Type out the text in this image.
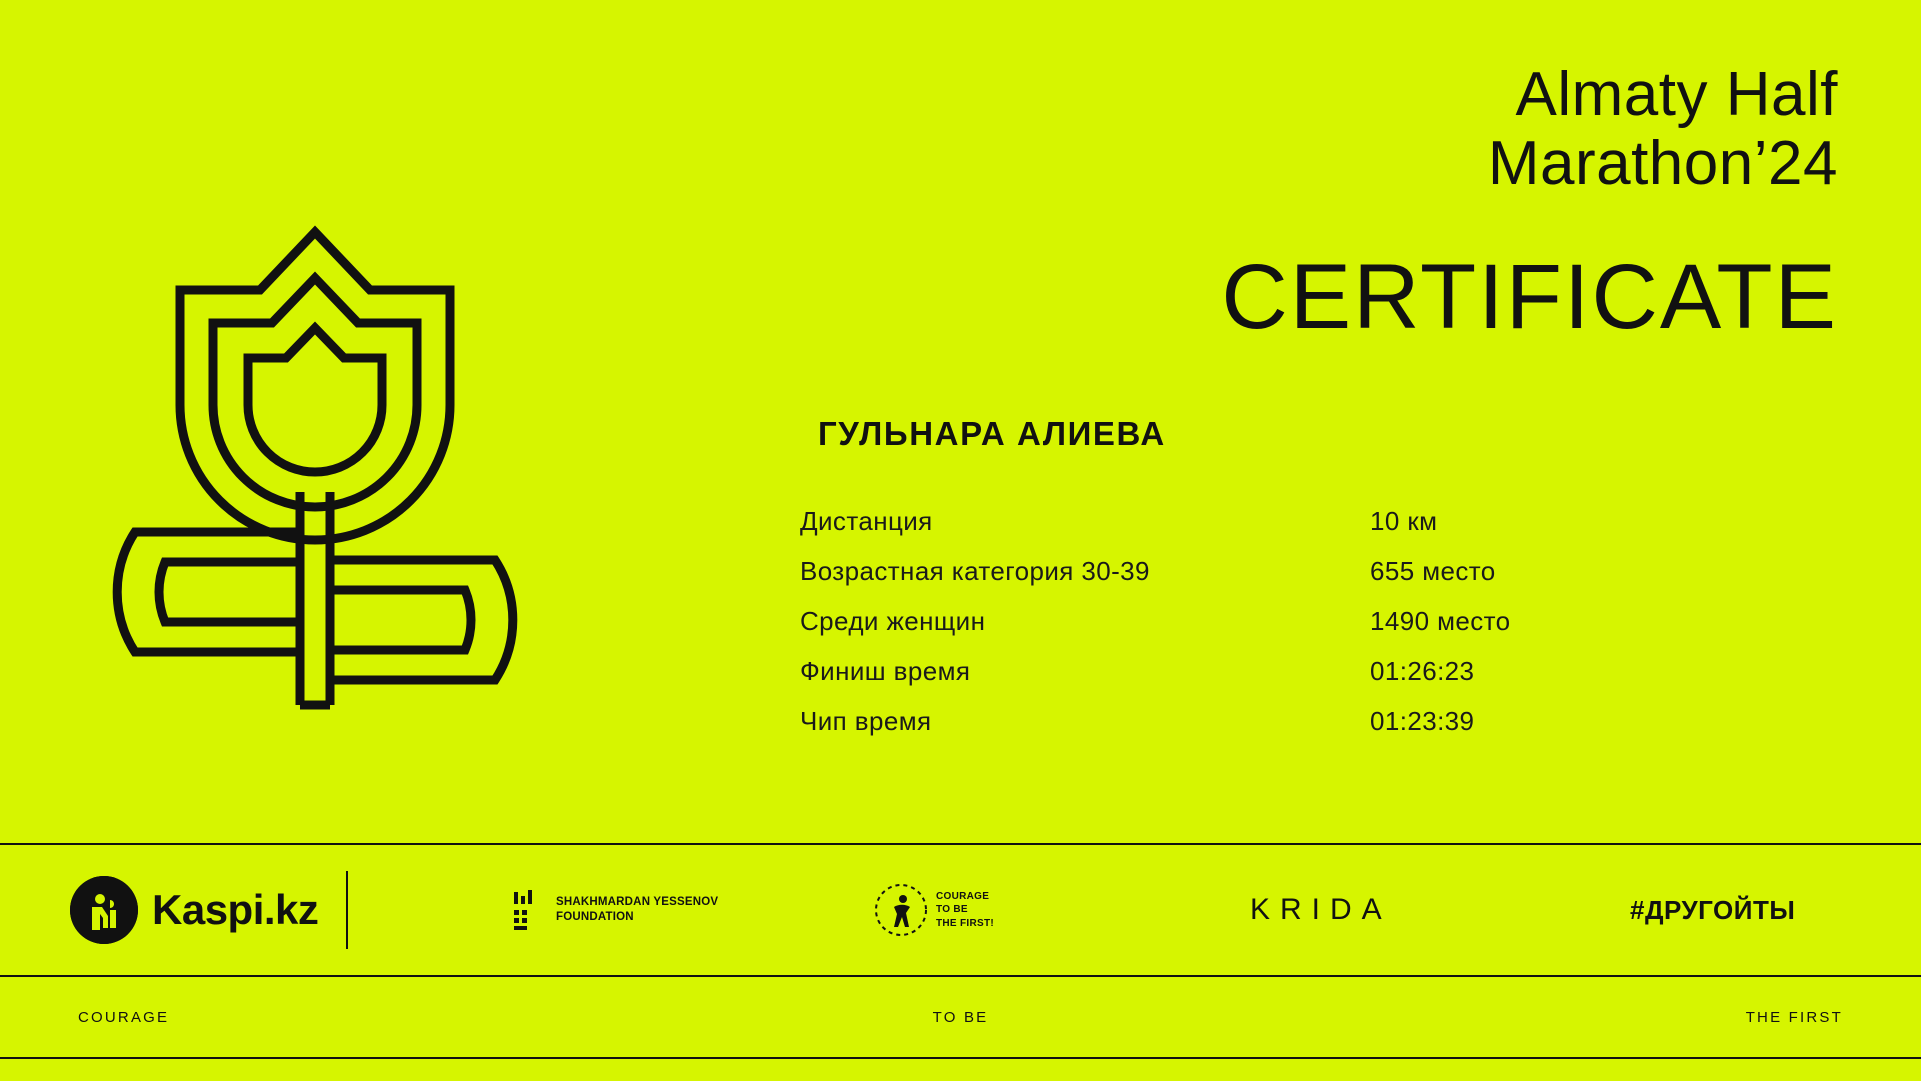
Almaty Half
Marathon’24
CERTIFICATE
ГУЛЬНАРА АЛИЕВА
Дистанция	10 км
Возрастная категория 30-39	655 место
Среди женщин	1490 место
Финиш время	01:26:23
Чип время	01:23:39
Kaspi.kz	SHAKHMARDAN YESSENOV
FOUNDATION
COURAGE
TO BE
THE FIRST!	KRIDA	#ДРУГОЙТЫ
COURAGE	TO BE	THE FIRST
